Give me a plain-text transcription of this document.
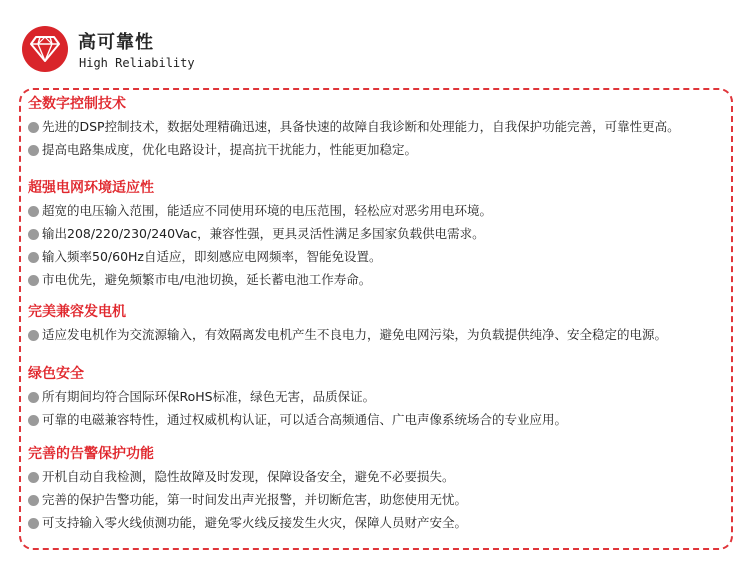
高可靠性
High Reliability
全数字控制技术
先进的DSP控制技术，数据处理精确迅速，具备快速的故障自我诊断和处理能力，自我保护功能完善，可靠性更高。
提高电路集成度，优化电路设计，提高抗干扰能力，性能更加稳定。
超强电网环境适应性
超宽的电压输入范围，能适应不同使用环境的电压范围，轻松应对恶劣用电环境。
输出208/220/230/240Vac，兼容性强，更具灵活性满足多国家负载供电需求。
输入频率50/60Hz自适应，即刻感应电网频率，智能免设置。
市电优先，避免频繁市电/电池切换，延长蓄电池工作寿命。
完美兼容发电机
适应发电机作为交流源输入，有效隔离发电机产生不良电力，避免电网污染，为负载提供纯净、安全稳定的电源。
绿色安全
所有期间均符合国际环保RoHS标准，绿色无害，品质保证。
可靠的电磁兼容特性，通过权威机构认证，可以适合高频通信、广电声像系统场合的专业应用。
完善的告警保护功能
开机自动自我检测，隐性故障及时发现，保障设备安全，避免不必要损失。
完善的保护告警功能，第一时间发出声光报警，并切断危害，助您使用无忧。
可支持输入零火线侦测功能，避免零火线反接发生火灾，保障人员财产安全。
